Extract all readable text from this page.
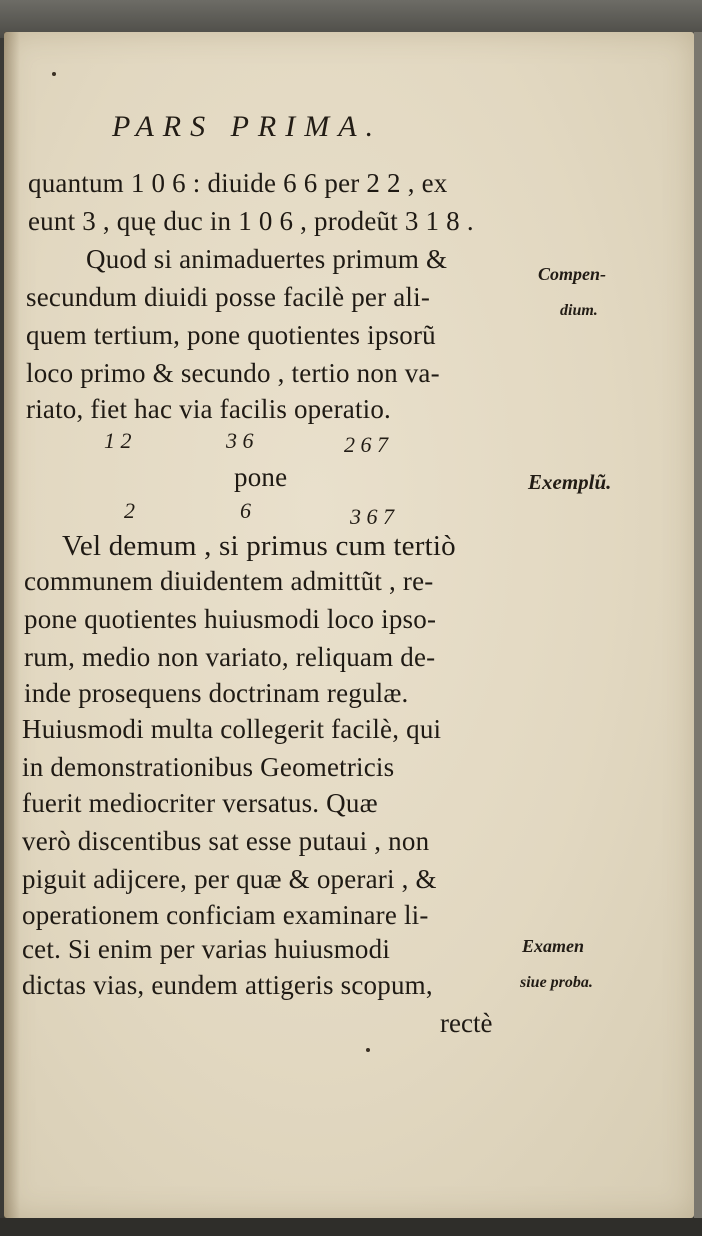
PARS PRIMA.
quantum 1 0 6 : diuide 6 6 per 2 2 , ex
eunt 3 , quę duc in 1 0 6 , prodeũt 3 1 8 .
Quod si animaduertes primum &
secundum diuidi posse facilè per ali-
quem tertium, pone quotientes ipsorũ
loco primo & secundo , tertio non va-
riato, fiet hac via facilis operatio.
1 2	3 6	2 6 7
pone
2	6	3 6 7
Vel demum , si primus cum tertiò
communem diuidentem admittũt , re-
pone quotientes huiusmodi loco ipso-
rum, medio non variato, reliquam de-
inde prosequens doctrinam regulæ.
Huiusmodi multa collegerit facilè, qui
in demonstrationibus Geometricis
fuerit mediocriter versatus. Quæ
verò discentibus sat esse putaui , non
piguit adijcere, per quæ & operari , &
operationem conficiam examinare li-
cet. Si enim per varias huiusmodi
dictas vias, eundem attigeris scopum,
rectè
Compen-
dium.
Exemplũ.
Examen
siue proba.
